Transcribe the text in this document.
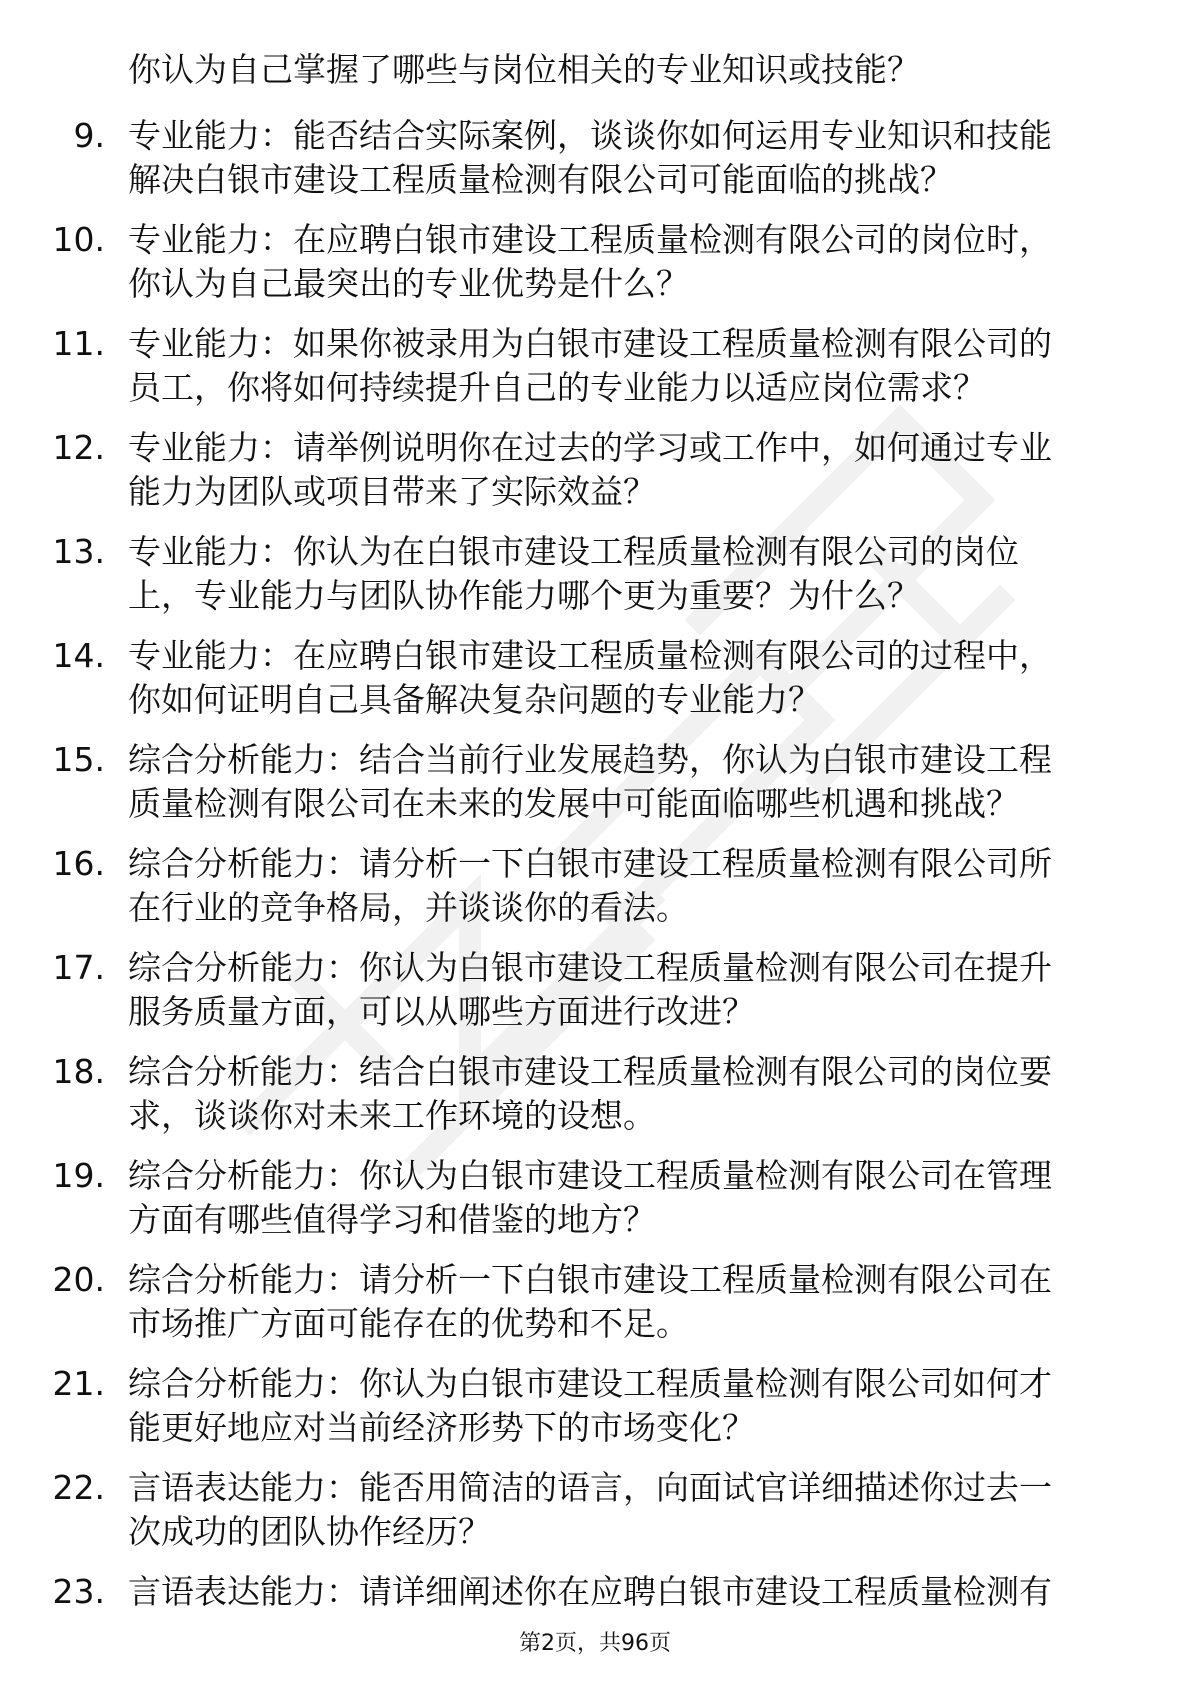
你认为自己掌握了哪些与岗位相关的专业知识或技能？
9. 专业能力：能否结合实际案例，谈谈你如何运用专业知识和技能
解决白银市建设工程质量检测有限公司可能面临的挑战？
10. 专业能力：在应聘白银市建设工程质量检测有限公司的岗位时，
你认为自己最突出的专业优势是什么？
11. 专业能力：如果你被录用为白银市建设工程质量检测有限公司的
员工，你将如何持续提升自己的专业能力以适应岗位需求？
12. 专业能力：请举例说明你在过去的学习或工作中，如何通过专业
能力为团队或项目带来了实际效益？
13. 专业能力：你认为在白银市建设工程质量检测有限公司的岗位
上，专业能力与团队协作能力哪个更为重要？为什么？
14. 专业能力：在应聘白银市建设工程质量检测有限公司的过程中，
你如何证明自己具备解决复杂问题的专业能力？
15. 综合分析能力：结合当前行业发展趋势，你认为白银市建设工程
质量检测有限公司在未来的发展中可能面临哪些机遇和挑战？
16. 综合分析能力：请分析一下白银市建设工程质量检测有限公司所
在行业的竞争格局，并谈谈你的看法。
17. 综合分析能力：你认为白银市建设工程质量检测有限公司在提升
服务质量方面，可以从哪些方面进行改进？
18. 综合分析能力：结合白银市建设工程质量检测有限公司的岗位要
求，谈谈你对未来工作环境的设想。
19. 综合分析能力：你认为白银市建设工程质量检测有限公司在管理
方面有哪些值得学习和借鉴的地方？
20. 综合分析能力：请分析一下白银市建设工程质量检测有限公司在
市场推广方面可能存在的优势和不足。
21. 综合分析能力：你认为白银市建设工程质量检测有限公司如何才
能更好地应对当前经济形势下的市场变化？
22. 言语表达能力：能否用简洁的语言，向面试官详细描述你过去一
次成功的团队协作经历？
23. 言语表达能力：请详细阐述你在应聘白银市建设工程质量检测有
第2页，共96页
